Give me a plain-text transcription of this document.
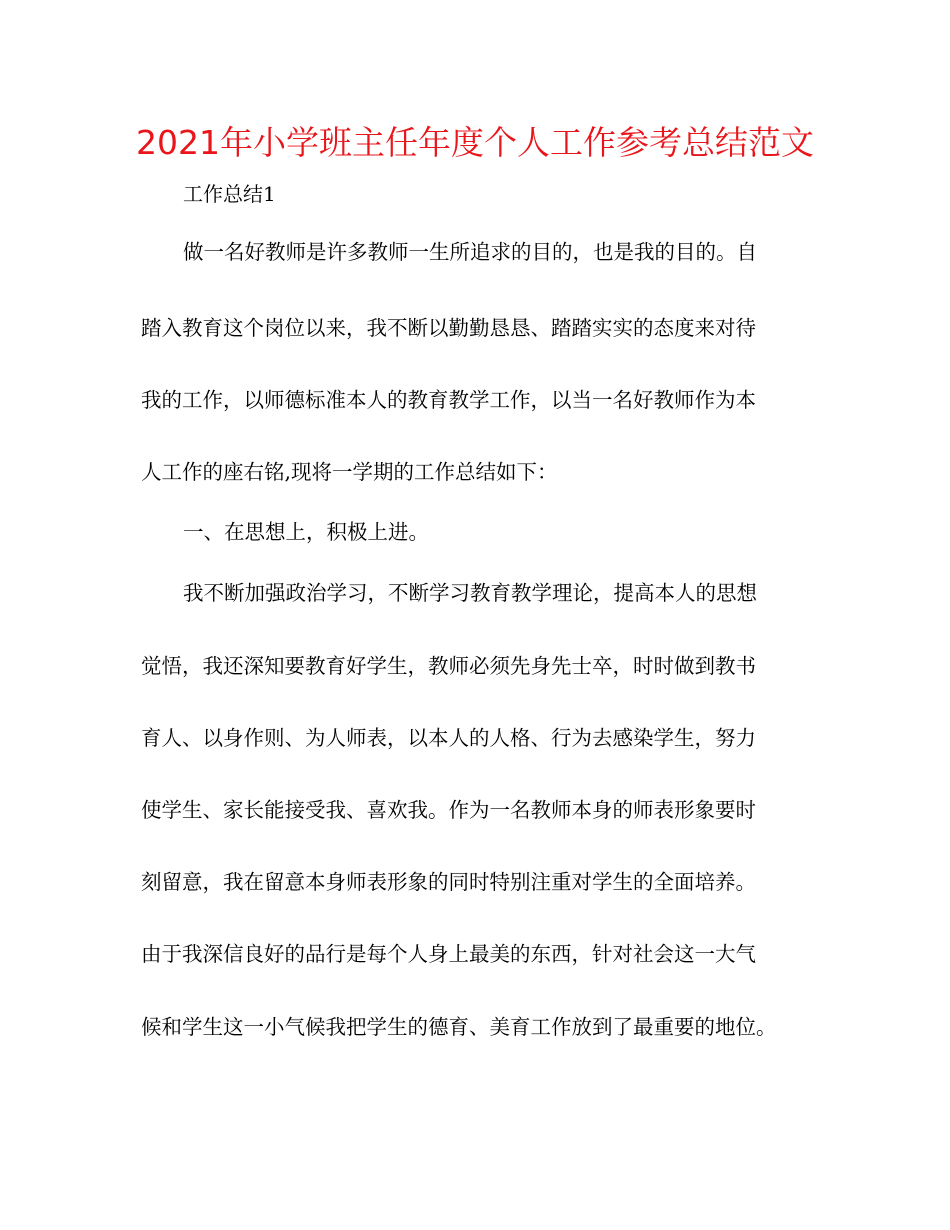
2021年小学班主任年度个人工作参考总结范文
工作总结1
做一名好教师是许多教师一生所追求的目的，也是我的目的。自
踏入教育这个岗位以来，我不断以勤勤恳恳、踏踏实实的态度来对待
我的工作，以师德标准本人的教育教学工作，以当一名好教师作为本
人工作的座右铭,现将一学期的工作总结如下：
一、在思想上，积极上进。
我不断加强政治学习，不断学习教育教学理论，提高本人的思想
觉悟，我还深知要教育好学生，教师必须先身先士卒，时时做到教书
育人、以身作则、为人师表，以本人的人格、行为去感染学生，努力
使学生、家长能接受我、喜欢我。作为一名教师本身的师表形象要时
刻留意，我在留意本身师表形象的同时特别注重对学生的全面培养。
由于我深信良好的品行是每个人身上最美的东西，针对社会这一大气
候和学生这一小气候我把学生的德育、美育工作放到了最重要的地位。
